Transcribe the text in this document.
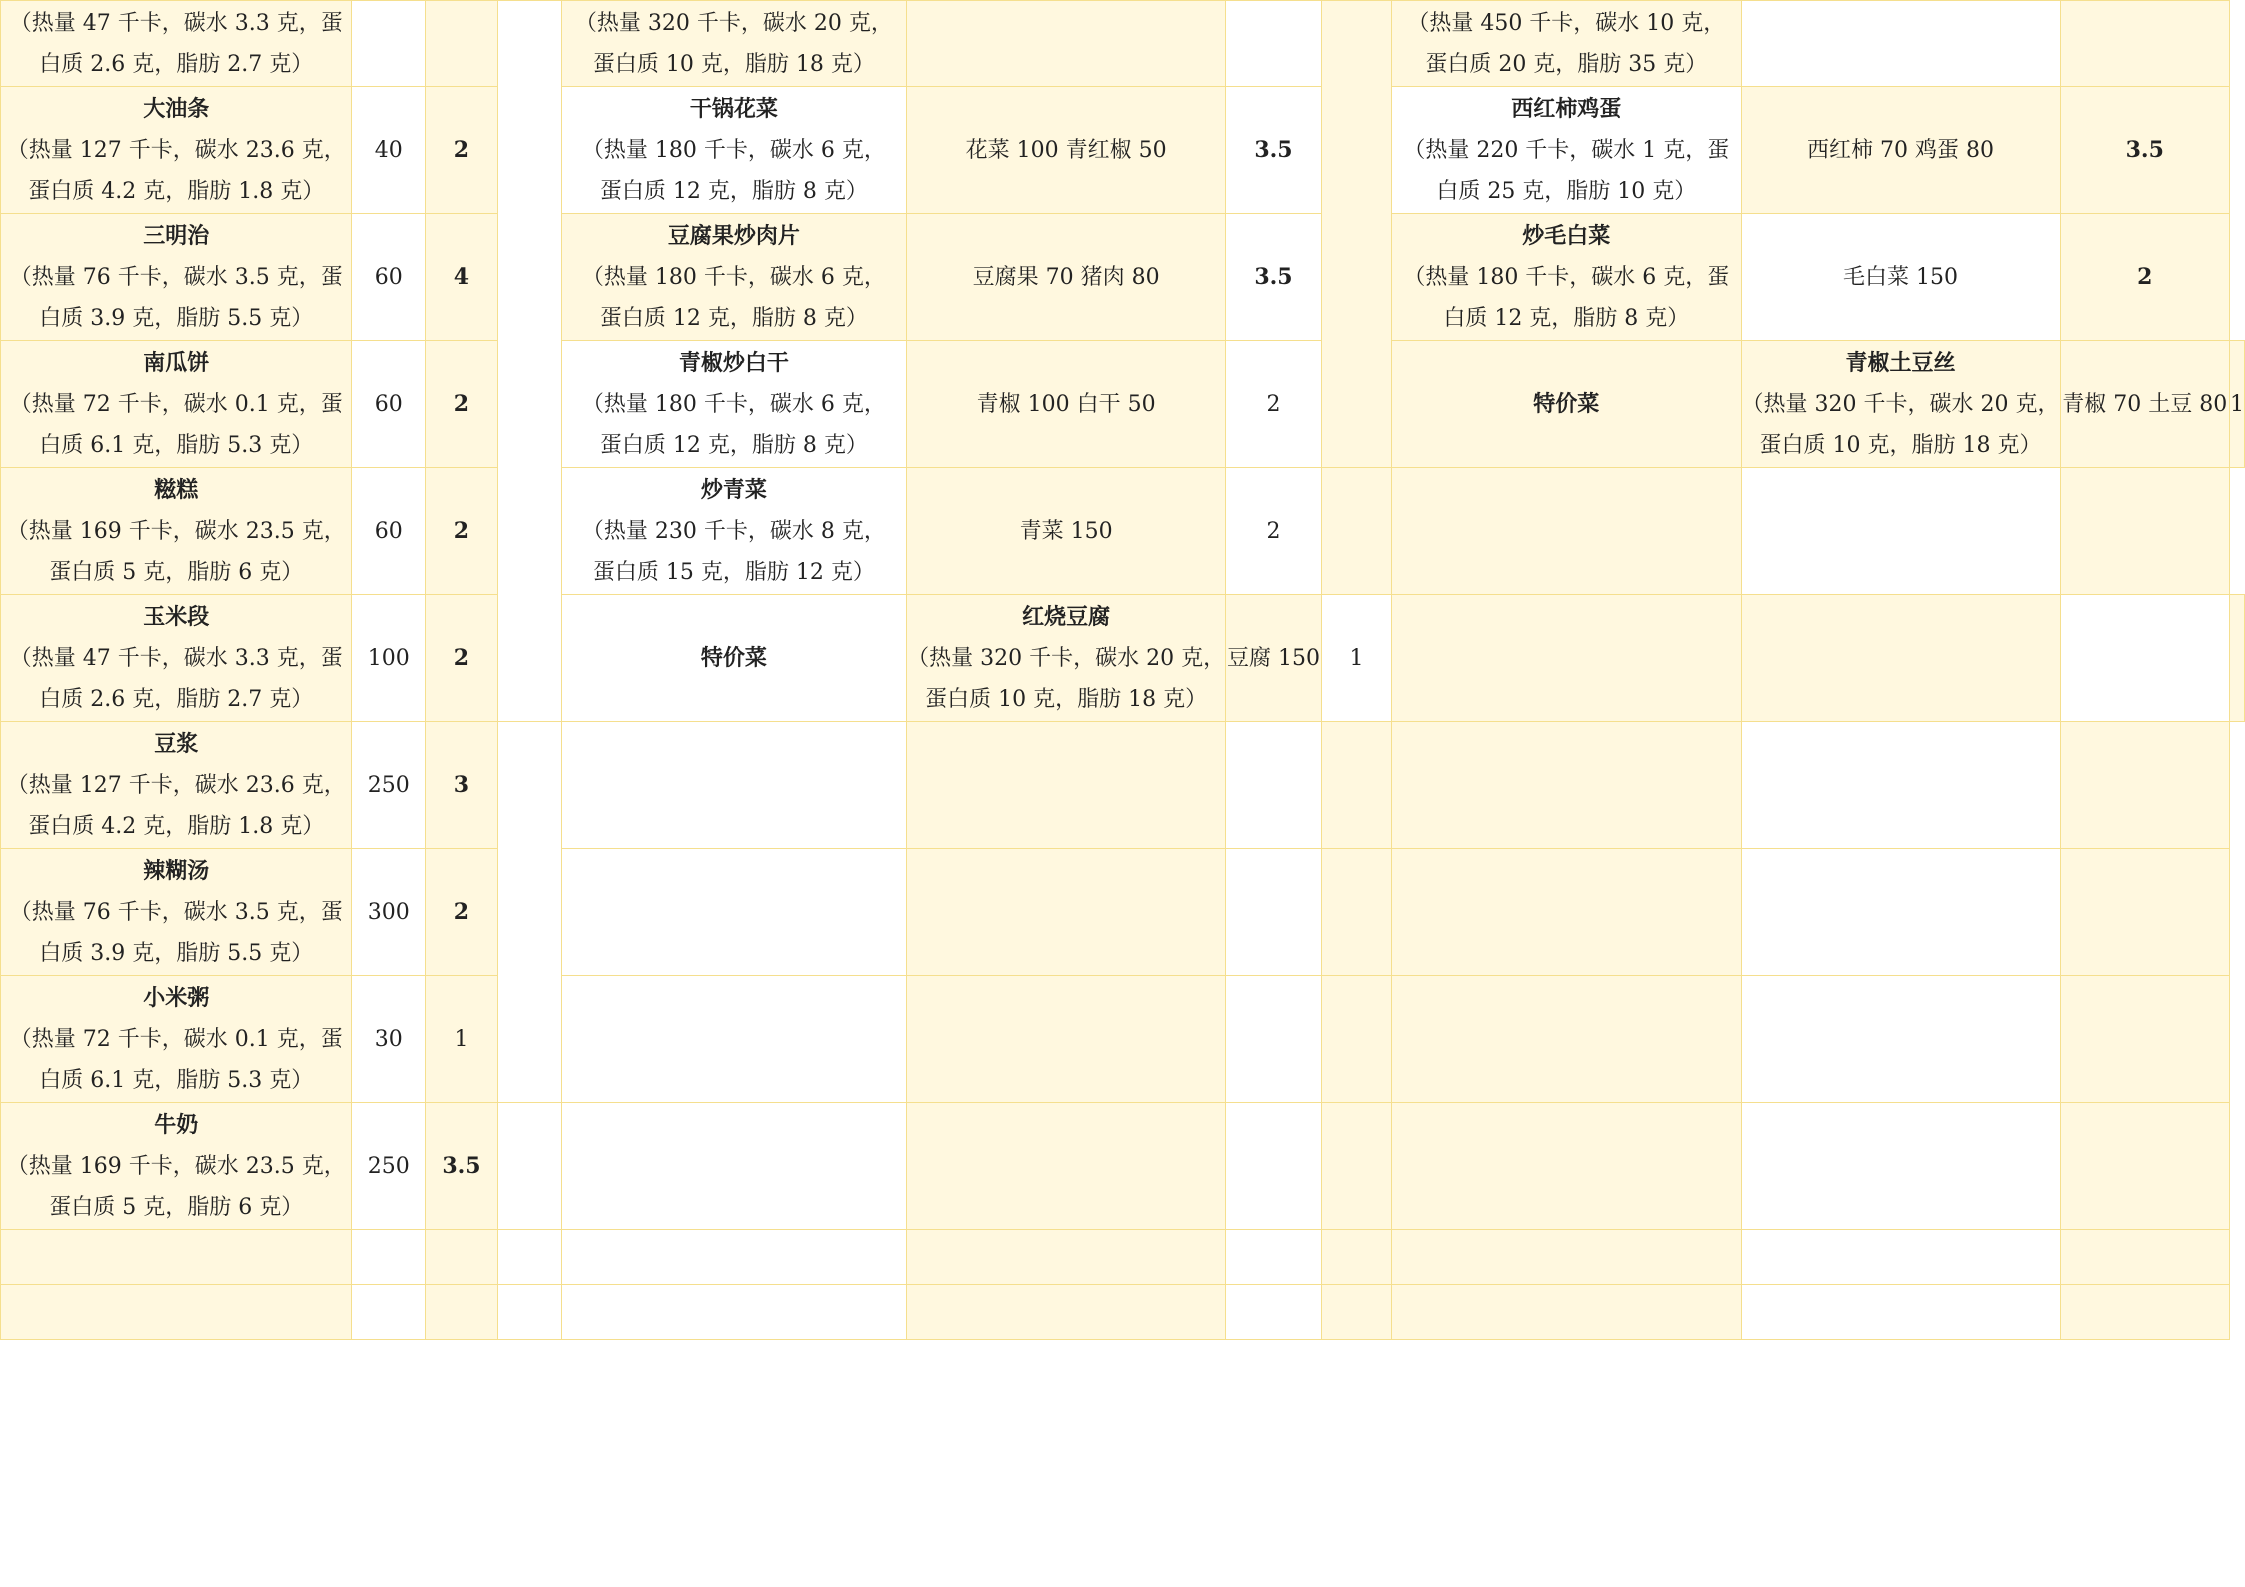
（热量 47 千卡，碳水 3.3 克，蛋
白质 2.6 克，脂肪 2.7 克）				（热量 320 千卡，碳水 20 克，
蛋白质 10 克，脂肪 18 克）				（热量 450 千卡，碳水 10 克，
蛋白质 20 克，脂肪 35 克）			

大油条
（热量 127 千卡，碳水 23.6 克，
蛋白质 4.2 克，脂肪 1.8 克）	40	2		干锅花菜
（热量 180 千卡，碳水 6 克，
蛋白质 12 克，脂肪 8 克）	花菜 100 青红椒 50	3.5		西红柿鸡蛋
（热量 220 千卡，碳水 1 克，蛋
白质 25 克，脂肪 10 克）	西红柿 70 鸡蛋 80	3.5	

三明治
（热量 76 千卡，碳水 3.5 克，蛋
白质 3.9 克，脂肪 5.5 克）	60	4		豆腐果炒肉片
（热量 180 千卡，碳水 6 克，
蛋白质 12 克，脂肪 8 克）	豆腐果 70 猪肉 80	3.5		炒毛白菜
（热量 180 千卡，碳水 6 克，蛋
白质 12 克，脂肪 8 克）	毛白菜 150	2	

南瓜饼
（热量 72 千卡，碳水 0.1 克，蛋
白质 6.1 克，脂肪 5.3 克）	60	2		青椒炒白干
（热量 180 千卡，碳水 6 克，
蛋白质 12 克，脂肪 8 克）	青椒 100 白干 50	2		特价菜	青椒土豆丝
（热量 320 千卡，碳水 20 克，
蛋白质 10 克，脂肪 18 克）	青椒 70 土豆 80	1

糍糕
（热量 169 千卡，碳水 23.5 克，
蛋白质 5 克，脂肪 6 克）	60	2		炒青菜
（热量 230 千卡，碳水 8 克，
蛋白质 15 克，脂肪 12 克）	青菜 150	2					

玉米段
（热量 47 千卡，碳水 3.3 克，蛋
白质 2.6 克，脂肪 2.7 克）	100	2		特价菜	红烧豆腐
（热量 320 千卡，碳水 20 克，
蛋白质 10 克，脂肪 18 克）	豆腐 150	1				

豆浆
（热量 127 千卡，碳水 23.6 克，
蛋白质 4.2 克，脂肪 1.8 克）	250	3									

辣糊汤
（热量 76 千卡，碳水 3.5 克，蛋
白质 3.9 克，脂肪 5.5 克）	300	2									

小米粥
（热量 72 千卡，碳水 0.1 克，蛋
白质 6.1 克，脂肪 5.3 克）	30	1									

牛奶
（热量 169 千卡，碳水 23.5 克，
蛋白质 5 克，脂肪 6 克）	250	3.5									
